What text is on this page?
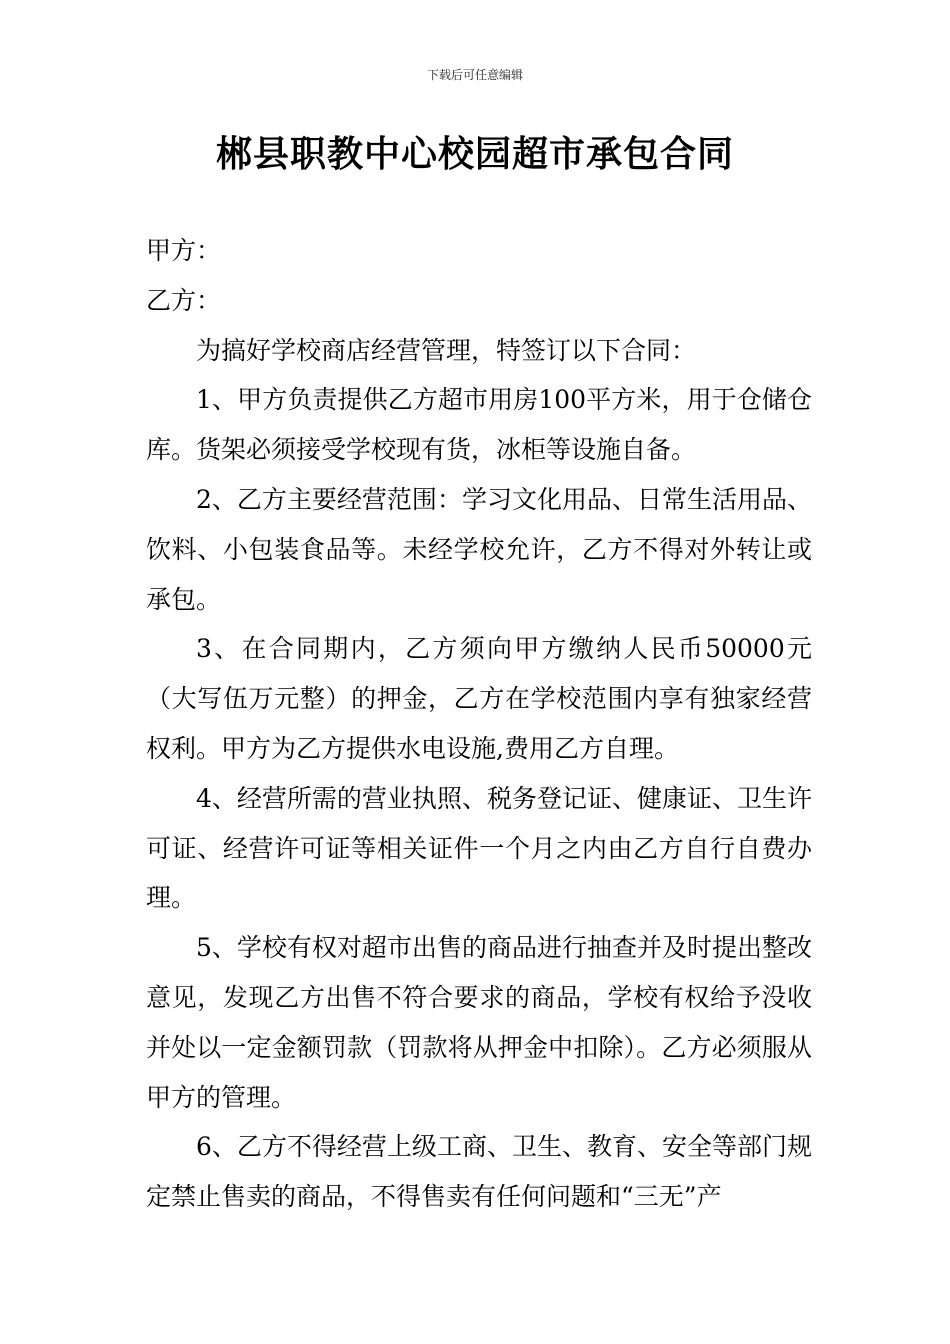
下载后可任意编辑
郴县职教中心校园超市承包合同

甲方：

乙方：

为搞好学校商店经营管理，特签订以下合同：

1、甲方负责提供乙方超市用房100平方米，用于仓储仓库。货架必须接受学校现有货，冰柜等设施自备。

2、乙方主要经营范围：学习文化用品、日常生活用品、饮料、小包装食品等。未经学校允许，乙方不得对外转让或承包。

3、在合同期内，乙方须向甲方缴纳人民币50000元（大写伍万元整）的押金，乙方在学校范围内享有独家经营权利。甲方为乙方提供水电设施,费用乙方自理。

4、经营所需的营业执照、税务登记证、健康证、卫生许可证、经营许可证等相关证件一个月之内由乙方自行自费办理。

5、学校有权对超市出售的商品进行抽查并及时提出整改意见，发现乙方出售不符合要求的商品，学校有权给予没收并处以一定金额罚款（罚款将从押金中扣除）。乙方必须服从甲方的管理。

6、乙方不得经营上级工商、卫生、教育、安全等部门规定禁止售卖的商品，不得售卖有任何问题和“三无”产
